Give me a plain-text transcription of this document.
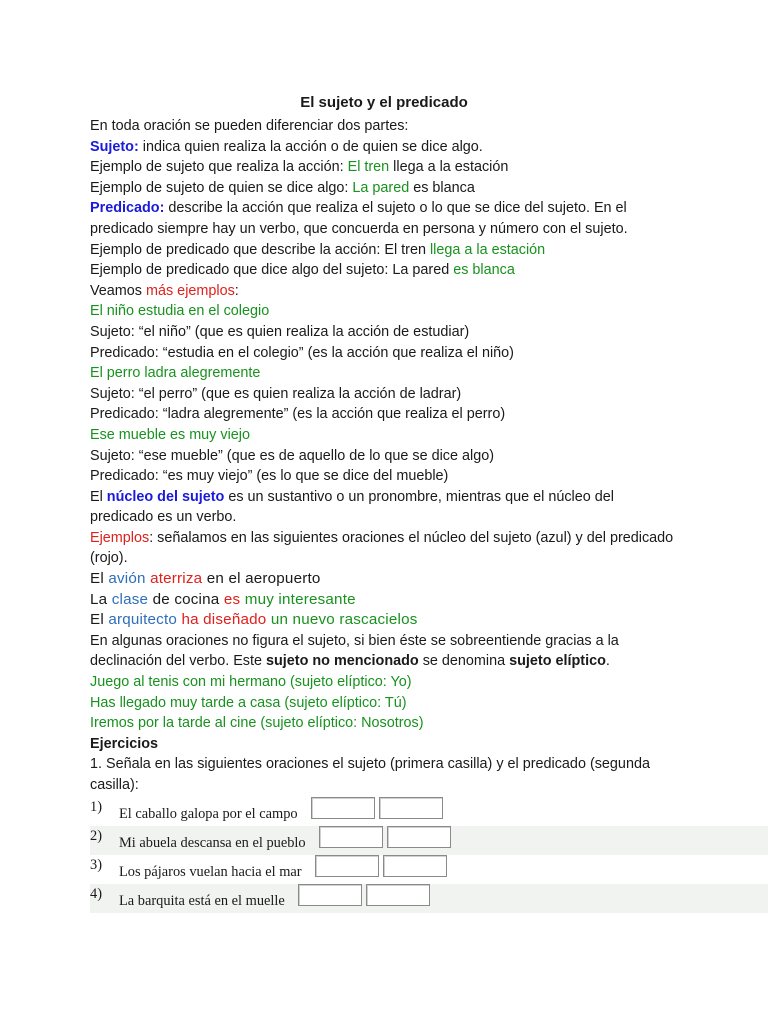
El sujeto y el predicado

En toda oración se pueden diferenciar dos partes:

Sujeto: indica quien realiza la acción o de quien se dice algo.

Ejemplo de sujeto que realiza la acción: El tren llega a la estación

Ejemplo de sujeto de quien se dice algo: La pared es blanca

Predicado: describe la acción que realiza el sujeto o lo que se dice del sujeto. En el predicado siempre hay un verbo, que concuerda en persona y número con el sujeto.

Ejemplo de predicado que describe la acción: El tren llega a la estación

Ejemplo de predicado que dice algo del sujeto: La pared es blanca

Veamos más ejemplos:

El niño estudia en el colegio

Sujeto: “el niño” (que es quien realiza la acción de estudiar)

Predicado: “estudia en el colegio” (es la acción que realiza el niño)

El perro ladra alegremente

Sujeto: “el perro” (que es quien realiza la acción de ladrar)

Predicado: “ladra alegremente” (es la acción que realiza el perro)

Ese mueble es muy viejo

Sujeto: “ese mueble” (que es de aquello de lo que se dice algo)

Predicado: “es muy viejo” (es lo que se dice del mueble)

El núcleo del sujeto es un sustantivo o un pronombre, mientras que el núcleo del predicado es un verbo.

Ejemplos: señalamos en las siguientes oraciones el núcleo del sujeto (azul) y del predicado (rojo).

El avión aterriza en el aeropuerto

La clase de cocina es muy interesante

El arquitecto ha diseñado un nuevo rascacielos

En algunas oraciones no figura el sujeto, si bien éste se sobreentiende gracias a la declinación del verbo. Este sujeto no mencionado se denomina sujeto elíptico.

Juego al tenis con mi hermano (sujeto elíptico: Yo)

Has llegado muy tarde a casa (sujeto elíptico: Tú)

Iremos por la tarde al cine (sujeto elíptico: Nosotros)

Ejercicios

1. Señala en las siguientes oraciones el sujeto (primera casilla) y el predicado (segunda casilla):

1) El caballo galopa por el campo
2) Mi abuela descansa en el pueblo
3) Los pájaros vuelan hacia el mar
4) La barquita está en el muelle
